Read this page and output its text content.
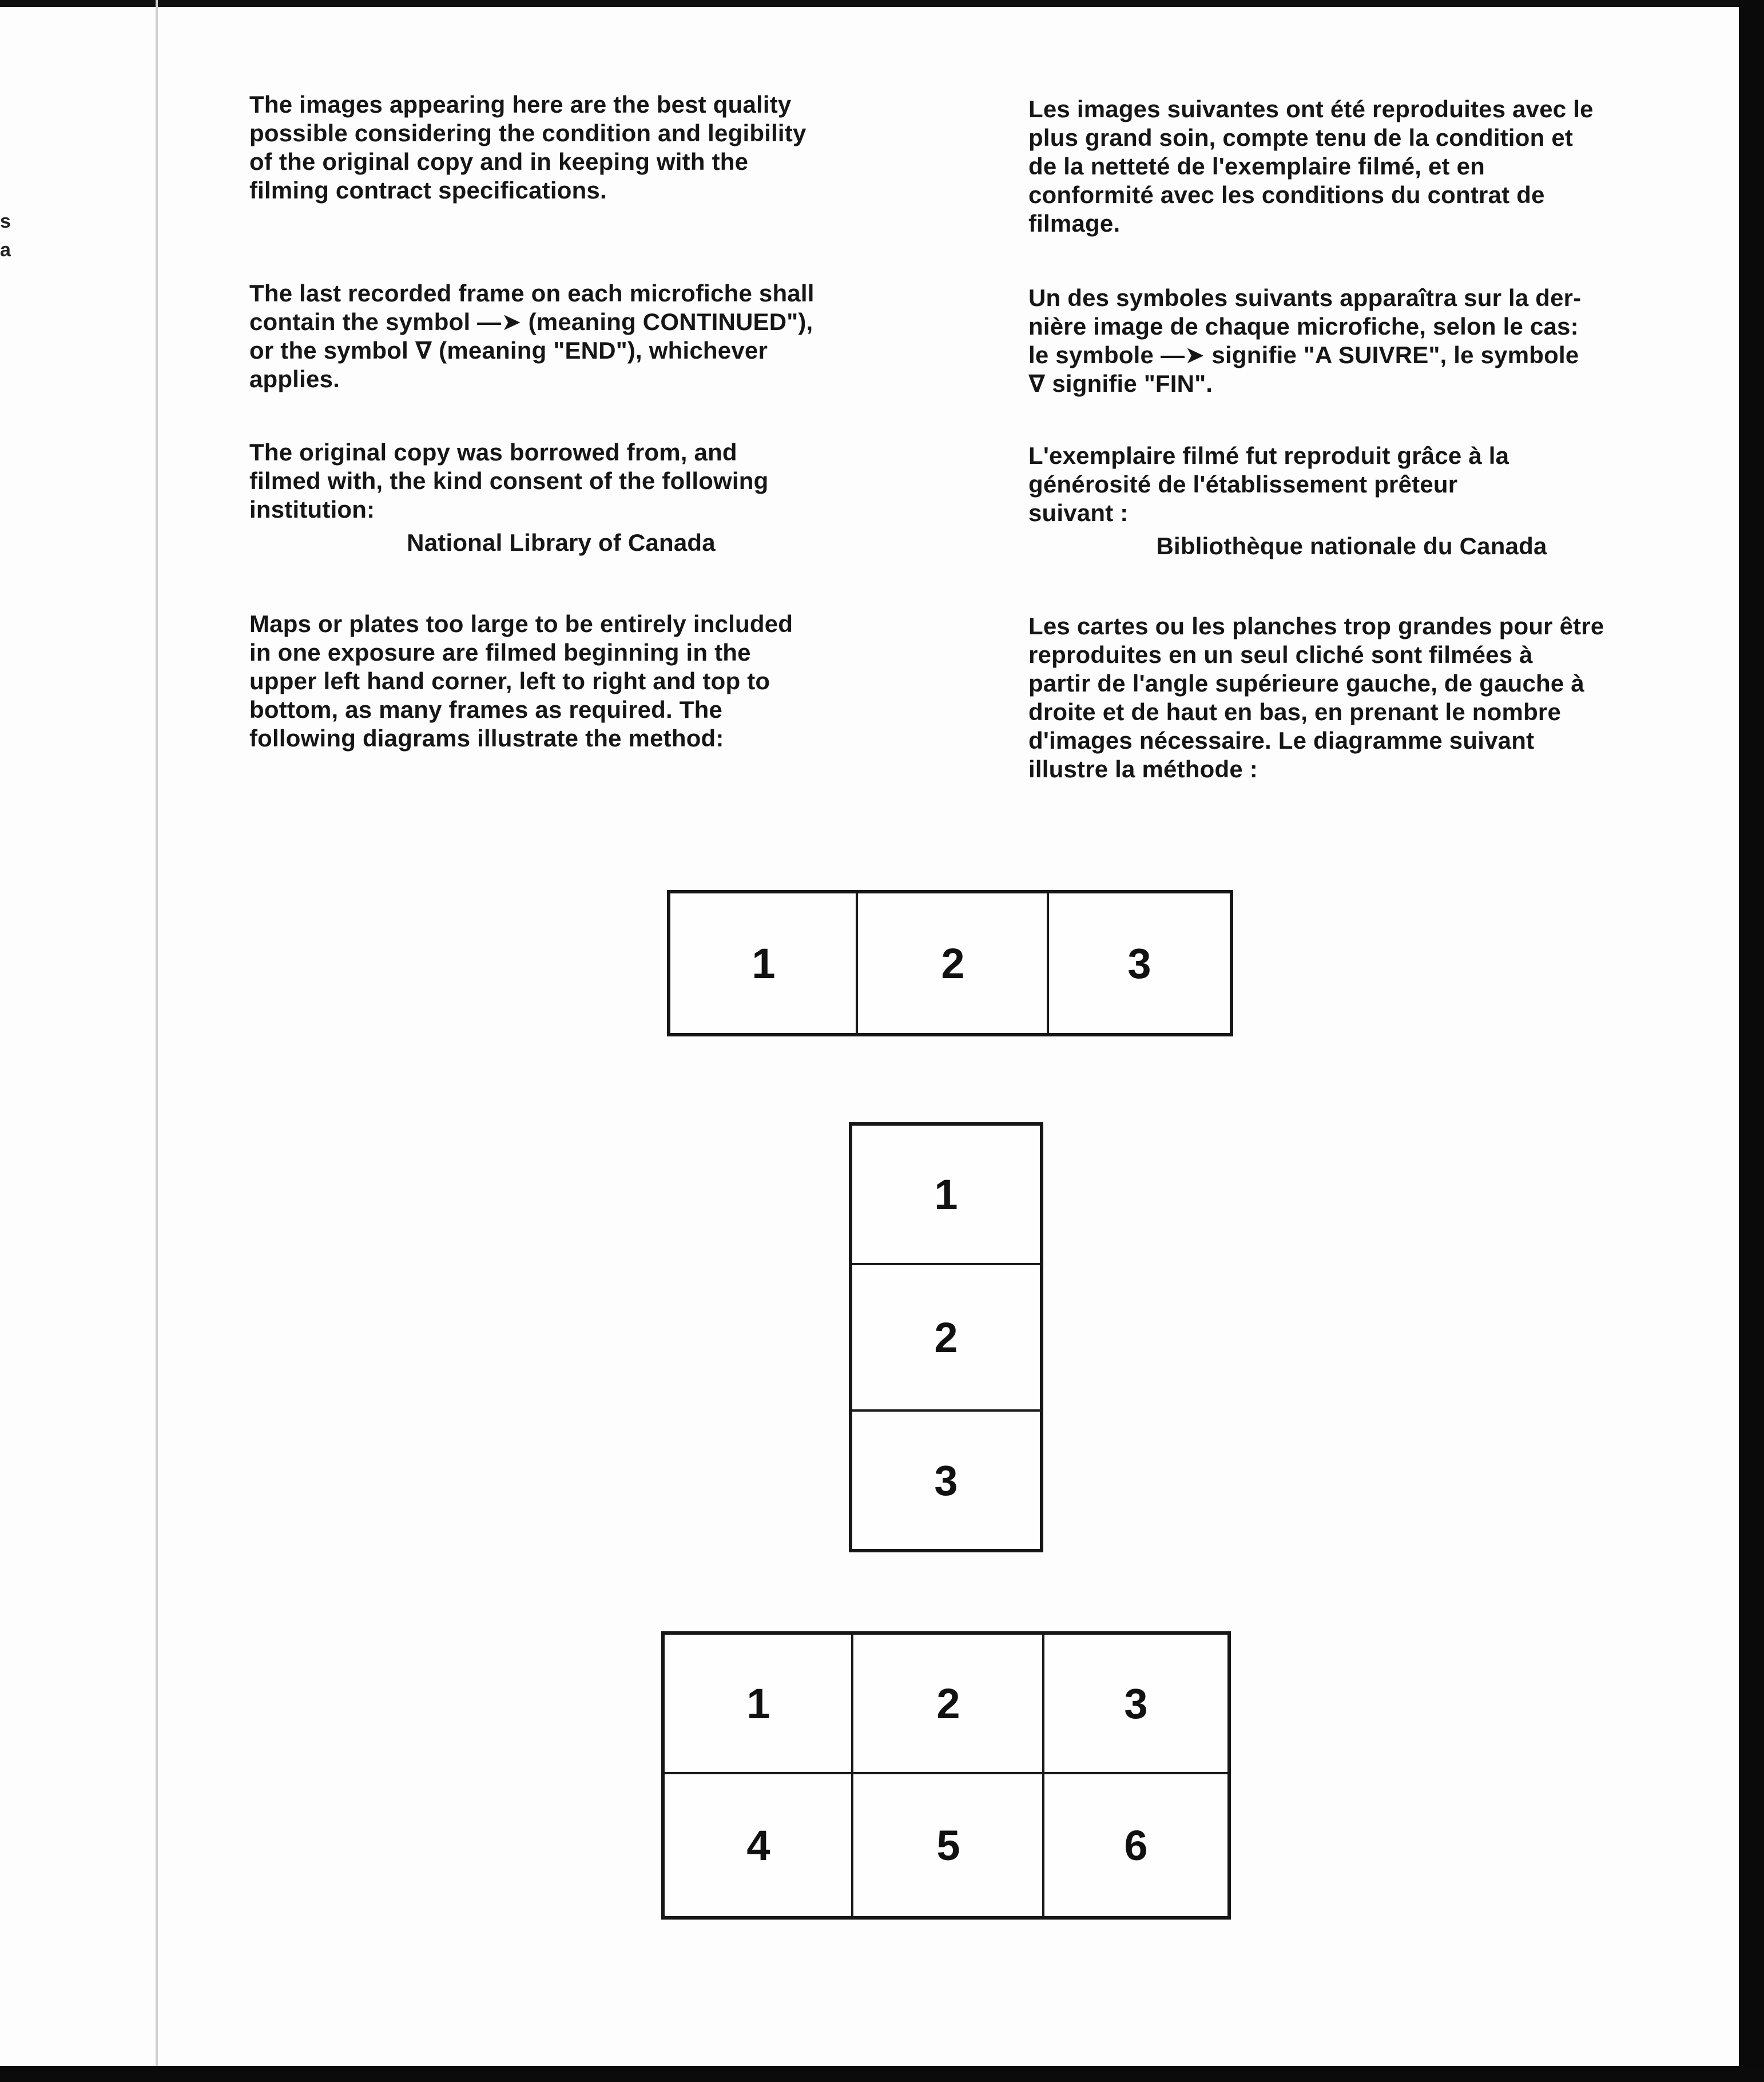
s
a

The images appearing here are the best quality
possible considering the condition and legibility
of the original copy and in keeping with the
filming contract specifications.

The last recorded frame on each microfiche shall
contain the symbol —➤ (meaning CONTINUED"),
or the symbol ∇ (meaning "END"), whichever
applies.

The original copy was borrowed from, and
filmed with, the kind consent of the following
institution:

National Library of Canada

Maps or plates too large to be entirely included
in one exposure are filmed beginning in the
upper left hand corner, left to right and top to
bottom, as many frames as required. The
following diagrams illustrate the method:

Les images suivantes ont été reproduites avec le
plus grand soin, compte tenu de la condition et
de la netteté de l'exemplaire filmé, et en
conformité avec les conditions du contrat de
filmage.

Un des symboles suivants apparaîtra sur la der-
nière image de chaque microfiche, selon le cas:
le symbole —➤ signifie "A SUIVRE", le symbole
∇ signifie "FIN".

L'exemplaire filmé fut reproduit grâce à la
générosité de l'établissement prêteur
suivant :

Bibliothèque nationale du Canada

Les cartes ou les planches trop grandes pour être
reproduites en un seul cliché sont filmées à
partir de l'angle supérieure gauche, de gauche à
droite et de haut en bas, en prenant le nombre
d'images nécessaire. Le diagramme suivant
illustre la méthode :

1	2	3
1
2
3
1	2	3
4	5	6
